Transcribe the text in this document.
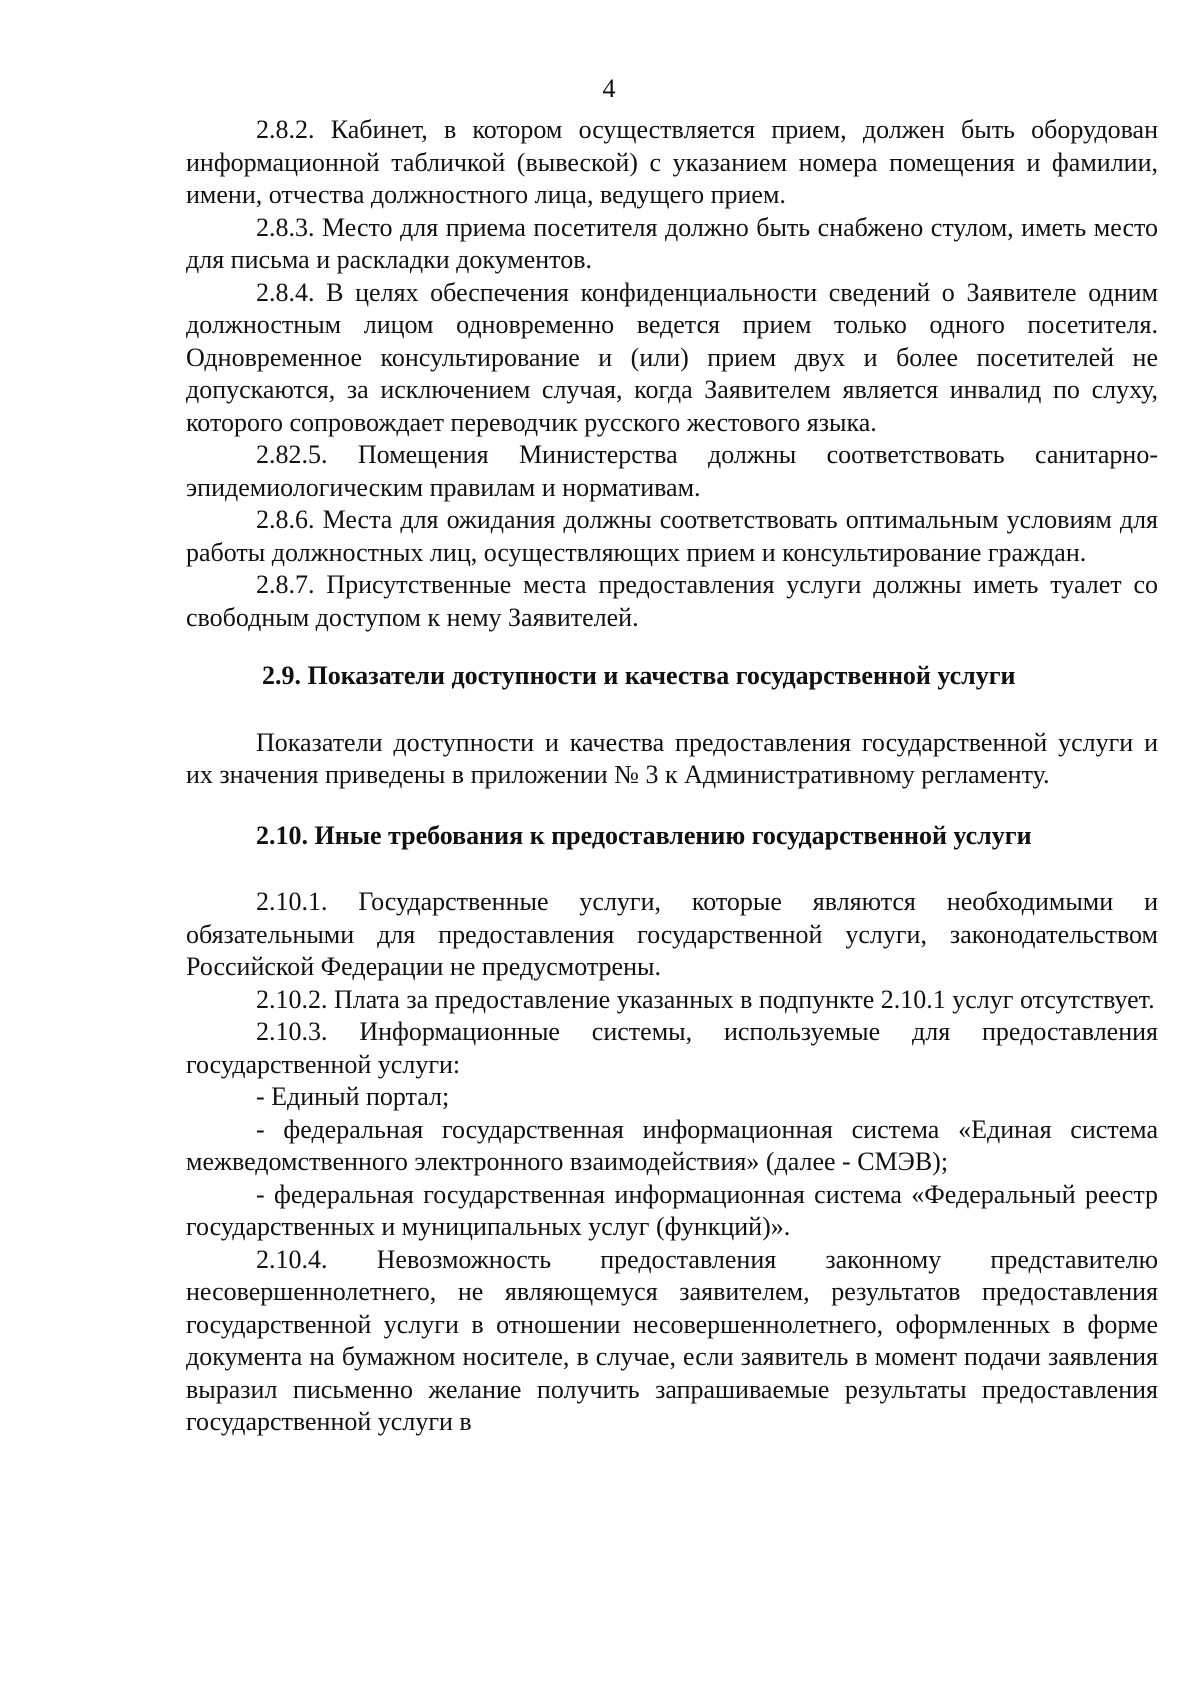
4

2.8.2. Кабинет, в котором осуществляется прием, должен быть оборудован информационной табличкой (вывеской) с указанием номера помещения и фамилии, имени, отчества должностного лица, ведущего прием.

2.8.3. Место для приема посетителя должно быть снабжено стулом, иметь место для письма и раскладки документов.

2.8.4. В целях обеспечения конфиденциальности сведений о Заявителе одним должностным лицом одновременно ведется прием только одного посетителя. Одновременное консультирование и (или) прием двух и более посетителей не допускаются, за исключением случая, когда Заявителем является инвалид по слуху, которого сопровождает переводчик русского жестового языка.

2.82.5. Помещения Министерства должны соответствовать санитарно-эпидемиологическим правилам и нормативам.

2.8.6. Места для ожидания должны соответствовать оптимальным условиям для работы должностных лиц, осуществляющих прием и консультирование граждан.

2.8.7. Присутственные места предоставления услуги должны иметь туалет со свободным доступом к нему Заявителей.

2.9. Показатели доступности и качества государственной услуги

Показатели доступности и качества предоставления государственной услуги и их значения приведены в приложении № 3 к Административному регламенту.

2.10. Иные требования к предоставлению государственной услуги

2.10.1. Государственные услуги, которые являются необходимыми и обязательными для предоставления государственной услуги, законодательством Российской Федерации не предусмотрены.

2.10.2. Плата за предоставление указанных в подпункте 2.10.1 услуг отсутствует.

2.10.3. Информационные системы, используемые для предоставления государственной услуги:

- Единый портал;

- федеральная государственная информационная система «Единая система межведомственного электронного взаимодействия» (далее - СМЭВ);

- федеральная государственная информационная система «Федеральный реестр государственных и муниципальных услуг (функций)».

2.10.4. Невозможность предоставления законному представителю несовершеннолетнего, не являющемуся заявителем, результатов предоставления государственной услуги в отношении несовершеннолетнего, оформленных в форме документа на бумажном носителе, в случае, если заявитель в момент подачи заявления выразил письменно желание получить запрашиваемые результаты предоставления государственной услуги в
